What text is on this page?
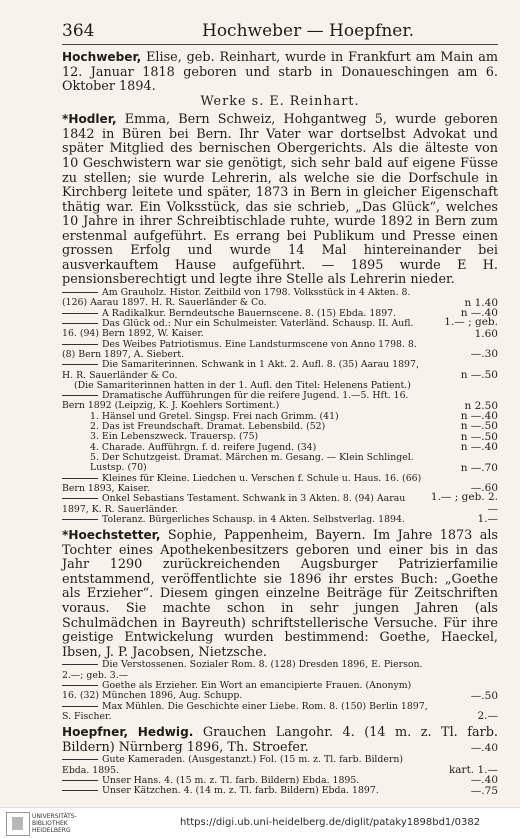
364	Hochweber — Hoepfner.

Hochweber, Elise, geb. Reinhart, wurde in Frankfurt am Main am 12. Januar 1818 geboren und starb in Donaueschingen am 6. Oktober 1894.

Werke s. E. Reinhart.

*Hodler, Emma, Bern Schweiz, Hohgantweg 5, wurde geboren 1842 in Büren bei Bern. Ihr Vater war dortselbst Advokat und später Mitglied des bernischen Obergerichts. Als die älteste von 10 Geschwistern war sie genötigt, sich sehr bald auf eigene Füsse zu stellen; sie wurde Lehrerin, als welche sie die Dorfschule in Kirchberg leitete und später, 1873 in Bern in gleicher Eigenschaft thätig war. Ein Volksstück, das sie schrieb, „Das Glück“, welches 10 Jahre in ihrer Schreibtischlade ruhte, wurde 1892 in Bern zum erstenmal aufgeführt. Es errang bei Publikum und Presse einen grossen Erfolg und wurde 14 Mal hintereinander bei ausverkauftem Hause aufgeführt. — 1895 wurde E H. pensionsberechtigt und legte ihre Stelle als Lehrerin nieder.

Am Grauholz. Histor. Zeitbild von 1798. Volksstück in 4 Akten. 8. (126) Aarau 1897. H. R. Sauerländer & Co.	n 1.40
A Radikalkur. Berndeutsche Bauernscene. 8. (15) Ebda. 1897.	n —.40
Das Glück od.: Nur ein Schulmeister. Vaterländ. Schausp. II. Aufl. 16. (94) Bern 1892, W. Kaiser.
1.— ; geb. 1.60
Des Weibes Patriotismus. Eine Landsturmscene von Anno 1798. 8. (8) Bern 1897, A. Siebert.	—.30
Die Samariterinnen. Schwank in 1 Akt. 2. Aufl. 8. (35) Aarau 1897, H. R. Sauerländer & Co.	n —.50
(Die Samariterinnen hatten in der 1. Aufl. den Titel: Helenens Patient.)
Dramatische Aufführungen für die reifere Jugend. 1.—5. Hft. 16. Bern 1892 (Leipzig, K. J. Koehlers Sortiment.)	n 2.50
1. Hänsel und Gretel. Singsp. Frei nach Grimm. (41)	n —.40
2. Das ist Freundschaft. Dramat. Lebensbild. (52)	n —.50
3. Ein Lebenszweck. Trauersp. (75)	n —.50
4. Charade. Aufführgn. f. d. reifere Jugend. (34)	n —.40
5. Der Schutzgeist. Dramat. Märchen m. Gesang. — Klein Schlingel. Lustsp. (70)	n —.70
Kleines für Kleine. Liedchen u. Verschen f. Schule u. Haus. 16. (66) Bern 1893, Kaiser.	—.60
Onkel Sebastians Testament. Schwank in 3 Akten. 8. (94) Aarau 1897, K. R. Sauerländer.
1.— ; geb. 2.—
Toleranz. Bürgerliches Schausp. in 4 Akten. Selbstverlag. 1894.	1.—

*Hoechstetter, Sophie, Pappenheim, Bayern. Im Jahre 1873 als Tochter eines Apothekenbesitzers geboren und einer bis in das Jahr 1290 zurückreichenden Augsburger Patrizierfamilie entstammend, veröffentlichte sie 1896 ihr erstes Buch: „Goethe als Erzieher“. Diesem gingen einzelne Beiträge für Zeitschriften voraus. Sie machte schon in sehr jungen Jahren (als Schulmädchen in Bayreuth) schriftstellerische Versuche. Für ihre geistige Entwickelung wurden bestimmend: Goethe, Haeckel, Ibsen, J. P. Jacobsen, Nietzsche.

Die Verstossenen. Sozialer Rom. 8. (128) Dresden 1896, E. Pierson. 2.—; geb. 3.—
Goethe als Erzieher. Ein Wort an emancipierte Frauen. (Anonym) 16. (32) München 1896, Aug. Schupp.	—.50
Max Mühlen. Die Geschichte einer Liebe. Rom. 8. (150) Berlin 1897, S. Fischer.	2.—

Hoepfner, Hedwig. Grauchen Langohr. 4. (14 m. z. Tl. farb. Bildern) Nürnberg 1896, Th. Stroefer.	—.40

Gute Kameraden. (Ausgestanzt.) Fol. (15 m. z. Tl. farb. Bildern) Ebda. 1895.	kart. 1.—
Unser Hans. 4. (15 m. z. Tl. farb. Bildern) Ebda. 1895.	—.40
Unser Kätzchen. 4. (14 m. z. Tl. farb. Bildern) Ebda. 1897.	—.75
UNIVERSITÄTS-
BIBLIOTHEK
HEIDELBERG
https://digi.ub.uni-heidelberg.de/diglit/pataky1898bd1/0382
